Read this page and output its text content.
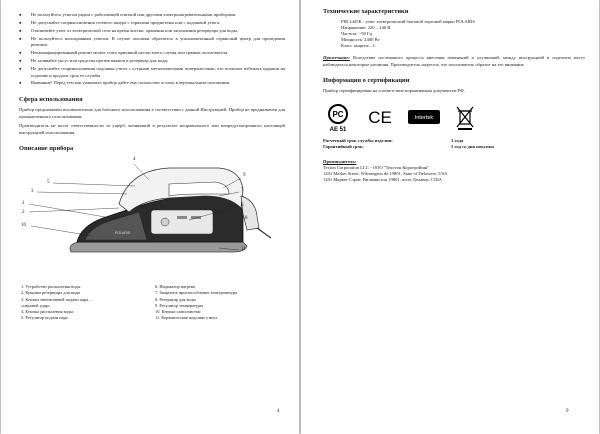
● Не пользуйтесь утюгом рядом с работающей плиткой или другими электронагревательными приборами.
● Не допускайте соприкосновения сетевого шнура с горячими предметами или с подошвой утюга.
● Отключайте утюг от электрической сети на время чистки, хранения или заполнения резервуара для воды.
● Не пользуйтесь неисправным утюгом. В случае поломки обратитесь в уполномоченный сервисный центр для проведения ремонта.
● Неквалифицированный ремонт может стать причиной несчастного случая или травмы пользователя.
● Не заливайте уксус или средства против накипи в резервуар для воды.
● Не допускайте соприкосновения подошвы утюга с острыми металлическими поверхностями, что позволит избежать царапин на подошве и продлит срок ее службы.
● Внимание! Перед тем как упаковать прибор дайте ему полностью остыть в вертикальном положении.
Сфера использования

Прибор предназначен исключительно для бытового использования в соответствии с данной Инструкцией. Прибор не предназначен для промышленного использования.

Производитель не несет ответственности за ущерб, возникший в результате неправильного или непредусмотренного настоящей инструкцией использования.

Описание прибора
POLARIS
1
2
3
4
5
6
7
8
9
10
11
1. Устройство распыления воды
2. Крышка резервуара для воды
3. Кнопка интенсивной подачи пара –
«паровой удар»
4. Кнопка распыления воды
5. Регулятор подачи пара
6. Индикатор нагрева
7. Защитное приспособление электрошнура
8. Резервуар для воды
9. Регулятор температуры
10. Кнопка самоочистки
11. Керамическая подошва утюга
4
Технические характеристики
PIR 2445K - утюг электрический бытовой торговой марки POLARIS
Напряжение: 220 – 240 В.
Частота: ~50 Гц
Мощность: 2400 Вт
Класс защиты – I.

Примечание: Вследствие постоянного процесса внесения изменений и улучшений, между инструкцией и изделием могут наблюдаться некоторые различия. Производитель надеется, что пользователь обратит на это внимание.

Информация о сертификации

Прибор сертифицирован на соответствие нормативным документам РФ.

PC
AE 51
CE	Intertek
Расчетный срок службы изделия:	3 года
Гарантийный срок:	1 год со дня покупки
Производитель:
Texton Corporation LLC - ООО "Текстон Корпорэйшн"
1201 Market Street, Wilmington de.19801, State of Delaware, USA
1201 Маркет Стрит, Вилмингтон 19801, штат Делавер, США
9
